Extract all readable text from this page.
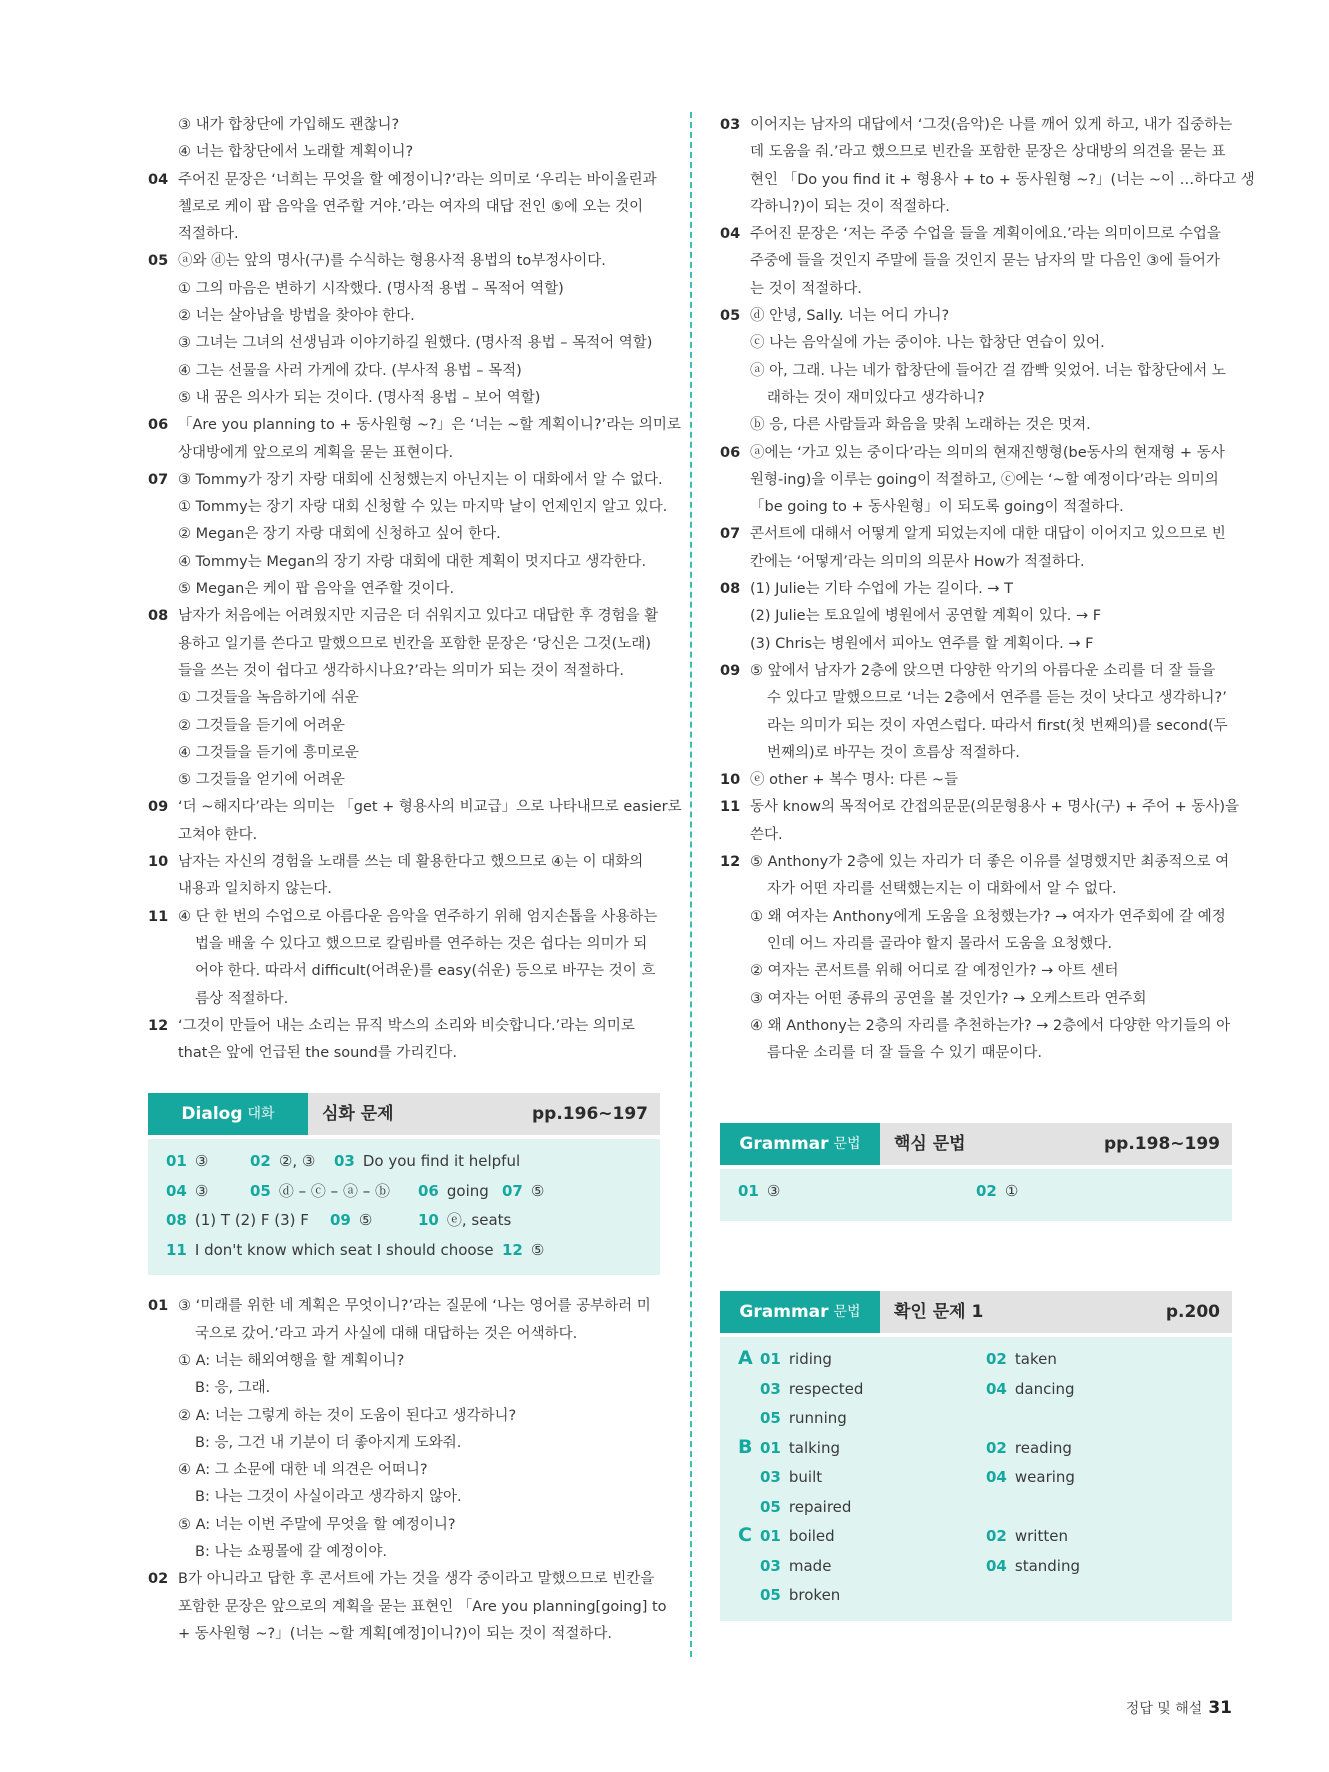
③ 내가 합창단에 가입해도 괜찮니?
④ 너는 합창단에서 노래할 계획이니?
04 주어진 문장은 ‘너희는 무엇을 할 예정이니?’라는 의미로 ‘우리는 바이올린과
첼로로 케이 팝 음악을 연주할 거야.’라는 여자의 대답 전인 ⑤에 오는 것이
적절하다.
05 ⓐ와 ⓓ는 앞의 명사(구)를 수식하는 형용사적 용법의 to부정사이다.
① 그의 마음은 변하기 시작했다. (명사적 용법 – 목적어 역할)
② 너는 살아남을 방법을 찾아야 한다.
③ 그녀는 그녀의 선생님과 이야기하길 원했다. (명사적 용법 – 목적어 역할)
④ 그는 선물을 사러 가게에 갔다. (부사적 용법 – 목적)
⑤ 내 꿈은 의사가 되는 것이다. (명사적 용법 – 보어 역할)
06 「Are you planning to + 동사원형 ~?」은 ‘너는 ~할 계획이니?’라는 의미로
상대방에게 앞으로의 계획을 묻는 표현이다.
07 ③ Tommy가 장기 자랑 대회에 신청했는지 아닌지는 이 대화에서 알 수 없다.
① Tommy는 장기 자랑 대회 신청할 수 있는 마지막 날이 언제인지 알고 있다.
② Megan은 장기 자랑 대회에 신청하고 싶어 한다.
④ Tommy는 Megan의 장기 자랑 대회에 대한 계획이 멋지다고 생각한다.
⑤ Megan은 케이 팝 음악을 연주할 것이다.
08 남자가 처음에는 어려웠지만 지금은 더 쉬워지고 있다고 대답한 후 경험을 활
용하고 일기를 쓴다고 말했으므로 빈칸을 포함한 문장은 ‘당신은 그것(노래)
들을 쓰는 것이 쉽다고 생각하시나요?’라는 의미가 되는 것이 적절하다.
① 그것들을 녹음하기에 쉬운
② 그것들을 듣기에 어려운
④ 그것들을 듣기에 흥미로운
⑤ 그것들을 얻기에 어려운
09 ‘더 ~해지다’라는 의미는 「get + 형용사의 비교급」으로 나타내므로 easier로
고쳐야 한다.
10 남자는 자신의 경험을 노래를 쓰는 데 활용한다고 했으므로 ④는 이 대화의
내용과 일치하지 않는다.
11 ④ 단 한 번의 수업으로 아름다운 음악을 연주하기 위해 엄지손톱을 사용하는
법을 배울 수 있다고 했으므로 칼림바를 연주하는 것은 쉽다는 의미가 되
어야 한다. 따라서 difficult(어려운)를 easy(쉬운) 등으로 바꾸는 것이 흐
름상 적절하다.
12 ‘그것이 만들어 내는 소리는 뮤직 박스의 소리와 비슷합니다.’라는 의미로
that은 앞에 언급된 the sound를 가리킨다.
Dialog 대화	심화 문제	pp.196~197
01 ③	02 ②, ③ 03 Do you find it helpful
04 ③	05 ⓓ – ⓒ – ⓐ – ⓑ 06 going 07 ⑤
08 (1) T (2) F (3) F 09 ⑤	10 ⓔ, seats
11 I don't know which seat I should choose 12 ⑤
01 ③ ‘미래를 위한 네 계획은 무엇이니?’라는 질문에 ‘나는 영어를 공부하러 미
국으로 갔어.’라고 과거 사실에 대해 대답하는 것은 어색하다.
① A: 너는 해외여행을 할 계획이니?
B: 응, 그래.
② A: 너는 그렇게 하는 것이 도움이 된다고 생각하니?
B: 응, 그건 내 기분이 더 좋아지게 도와줘.
④ A: 그 소문에 대한 네 의견은 어떠니?
B: 나는 그것이 사실이라고 생각하지 않아.
⑤ A: 너는 이번 주말에 무엇을 할 예정이니?
B: 나는 쇼핑몰에 갈 예정이야.
02 B가 아니라고 답한 후 콘서트에 가는 것을 생각 중이라고 말했으므로 빈칸을
포함한 문장은 앞으로의 계획을 묻는 표현인 「Are you planning[going] to
+ 동사원형 ~?」(너는 ~할 계획[예정]이니?)이 되는 것이 적절하다.
03 이어지는 남자의 대답에서 ‘그것(음악)은 나를 깨어 있게 하고, 내가 집중하는
데 도움을 줘.’라고 했으므로 빈칸을 포함한 문장은 상대방의 의견을 묻는 표
현인 「Do you find it + 형용사 + to + 동사원형 ~?」(너는 ~이 …하다고 생
각하니?)이 되는 것이 적절하다.
04 주어진 문장은 ‘저는 주중 수업을 들을 계획이에요.’라는 의미이므로 수업을
주중에 들을 것인지 주말에 들을 것인지 묻는 남자의 말 다음인 ③에 들어가
는 것이 적절하다.
05 ⓓ 안녕, Sally. 너는 어디 가니?
ⓒ 나는 음악실에 가는 중이야. 나는 합창단 연습이 있어.
ⓐ 아, 그래. 나는 네가 합창단에 들어간 걸 깜빡 잊었어. 너는 합창단에서 노
래하는 것이 재미있다고 생각하니?
ⓑ 응, 다른 사람들과 화음을 맞춰 노래하는 것은 멋져.
06 ⓐ에는 ‘가고 있는 중이다’라는 의미의 현재진행형(be동사의 현재형 + 동사
원형-ing)을 이루는 going이 적절하고, ⓒ에는 ‘~할 예정이다’라는 의미의
「be going to + 동사원형」이 되도록 going이 적절하다.
07 콘서트에 대해서 어떻게 알게 되었는지에 대한 대답이 이어지고 있으므로 빈
칸에는 ‘어떻게’라는 의미의 의문사 How가 적절하다.
08 (1) Julie는 기타 수업에 가는 길이다. → T
(2) Julie는 토요일에 병원에서 공연할 계획이 있다. → F
(3) Chris는 병원에서 피아노 연주를 할 계획이다. → F
09 ⑤ 앞에서 남자가 2층에 앉으면 다양한 악기의 아름다운 소리를 더 잘 들을
수 있다고 말했으므로 ‘너는 2층에서 연주를 듣는 것이 낫다고 생각하니?’
라는 의미가 되는 것이 자연스럽다. 따라서 first(첫 번째의)를 second(두
번째의)로 바꾸는 것이 흐름상 적절하다.
10 ⓔ other + 복수 명사: 다른 ~들
11 동사 know의 목적어로 간접의문문(의문형용사 + 명사(구) + 주어 + 동사)을
쓴다.
12 ⑤ Anthony가 2층에 있는 자리가 더 좋은 이유를 설명했지만 최종적으로 여
자가 어떤 자리를 선택했는지는 이 대화에서 알 수 없다.
① 왜 여자는 Anthony에게 도움을 요청했는가? → 여자가 연주회에 갈 예정
인데 어느 자리를 골라야 할지 몰라서 도움을 요청했다.
② 여자는 콘서트를 위해 어디로 갈 예정인가? → 아트 센터
③ 여자는 어떤 종류의 공연을 볼 것인가? → 오케스트라 연주회
④ 왜 Anthony는 2층의 자리를 추천하는가? → 2층에서 다양한 악기들의 아
름다운 소리를 더 잘 들을 수 있기 때문이다.
Grammar 문법	핵심 문법	pp.198~199
01 ③	02 ①
Grammar 문법	확인 문제 1	p.200
A 01 riding	02 taken
03 respected	04 dancing
05 running
B 01 talking	02 reading
03 built	04 wearing
05 repaired
C 01 boiled	02 written
03 made	04 standing
05 broken
정답 및 해설 31
